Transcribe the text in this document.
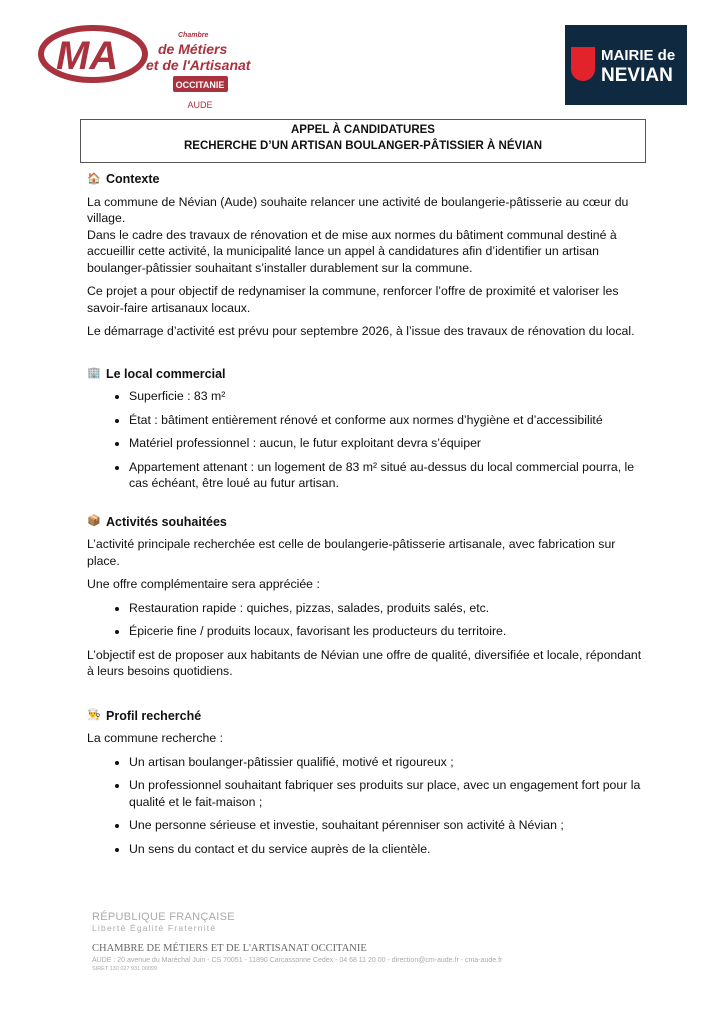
MA	Chambre
de Métiers
et de l'Artisanat
OCCITANIE
AUDE
MAIRIE de
NEVIAN
APPEL À CANDIDATURES
RECHERCHE D’UN ARTISAN BOULANGER-PÂTISSIER À NÉVIAN
🏠 Contexte

La commune de Névian (Aude) souhaite relancer une activité de boulangerie-pâtisserie au cœur du village.

Dans le cadre des travaux de rénovation et de mise aux normes du bâtiment communal destiné à accueillir cette activité, la municipalité lance un appel à candidatures afin d’identifier un artisan boulanger-pâtissier souhaitant s’installer durablement sur la commune.

Ce projet a pour objectif de redynamiser la commune, renforcer l’offre de proximité et valoriser les savoir-faire artisanaux locaux.

Le démarrage d’activité est prévu pour septembre 2026, à l’issue des travaux de rénovation du local.

🏢 Le local commercial
• Superficie : 83 m²
• État : bâtiment entièrement rénové et conforme aux normes d’hygiène et d’accessibilité
• Matériel professionnel : aucun, le futur exploitant devra s’équiper
• Appartement attenant : un logement de 83 m² situé au-dessus du local commercial pourra, le cas échéant, être loué au futur artisan.
📦 Activités souhaitées

L’activité principale recherchée est celle de boulangerie-pâtisserie artisanale, avec fabrication sur place.

Une offre complémentaire sera appréciée :

• Restauration rapide : quiches, pizzas, salades, produits salés, etc.
• Épicerie fine / produits locaux, favorisant les producteurs du territoire.

L’objectif est de proposer aux habitants de Névian une offre de qualité, diversifiée et locale, répondant à leurs besoins quotidiens.

👨‍🍳 Profil recherché

La commune recherche :

• Un artisan boulanger-pâtissier qualifié, motivé et rigoureux ;
• Un professionnel souhaitant fabriquer ses produits sur place, avec un engagement fort pour la qualité et le fait-maison ;
• Une personne sérieuse et investie, souhaitant pérenniser son activité à Névian ;
• Un sens du contact et du service auprès de la clientèle.
RÉPUBLIQUE FRANÇAISE
Liberté Égalité Fraternité
CHAMBRE DE MÉTIERS ET DE L'ARTISANAT OCCITANIE
AUDE : 20 avenue du Maréchal Juin - CS 70051 - 11890 Carcassonne Cedex - 04 68 11 20 00 - direction@cm-aude.fr - cma-aude.fr
SIRET 130 027 931 00099
